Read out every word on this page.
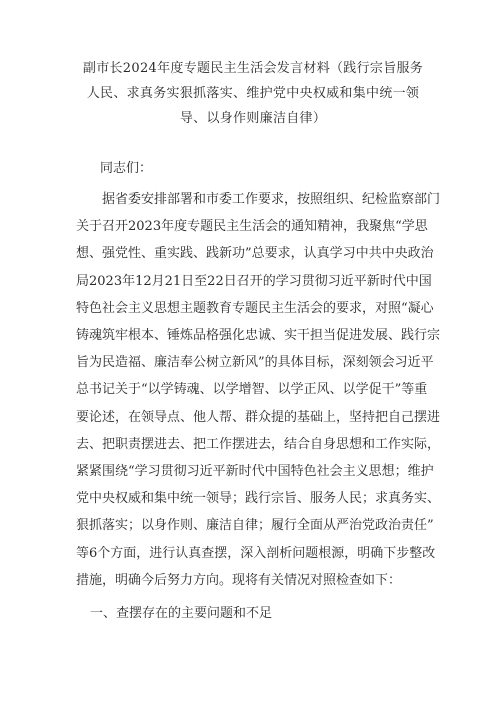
副市长2024年度专题民主生活会发言材料（践行宗旨服务
人民、求真务实狠抓落实、维护党中央权威和集中统一领
导、以身作则廉洁自律）
同志们：
据省委安排部署和市委工作要求，按照组织、纪检监察部门
关于召开2023年度专题民主生活会的通知精神，我聚焦“学思
想、强党性、重实践、践新功”总要求，认真学习中共中央政治
局2023年12月21日至22日召开的学习贯彻习近平新时代中国
特色社会主义思想主题教育专题民主生活会的要求，对照“凝心
铸魂筑牢根本、锤炼品格强化忠诚、实干担当促进发展、践行宗
旨为民造福、廉洁奉公树立新风”的具体目标，深刻领会习近平
总书记关于“以学铸魂、以学增智、以学正风、以学促干”等重
要论述，在领导点、他人帮、群众提的基础上，坚持把自己摆进
去、把职责摆进去、把工作摆进去，结合自身思想和工作实际，
紧紧围绕“学习贯彻习近平新时代中国特色社会主义思想；维护
党中央权威和集中统一领导；践行宗旨、服务人民；求真务实、
狠抓落实；以身作则、廉洁自律；履行全面从严治党政治责任”
等6个方面，进行认真查摆，深入剖析问题根源，明确下步整改
措施，明确今后努力方向。现将有关情况对照检查如下：
一、查摆存在的主要问题和不足
